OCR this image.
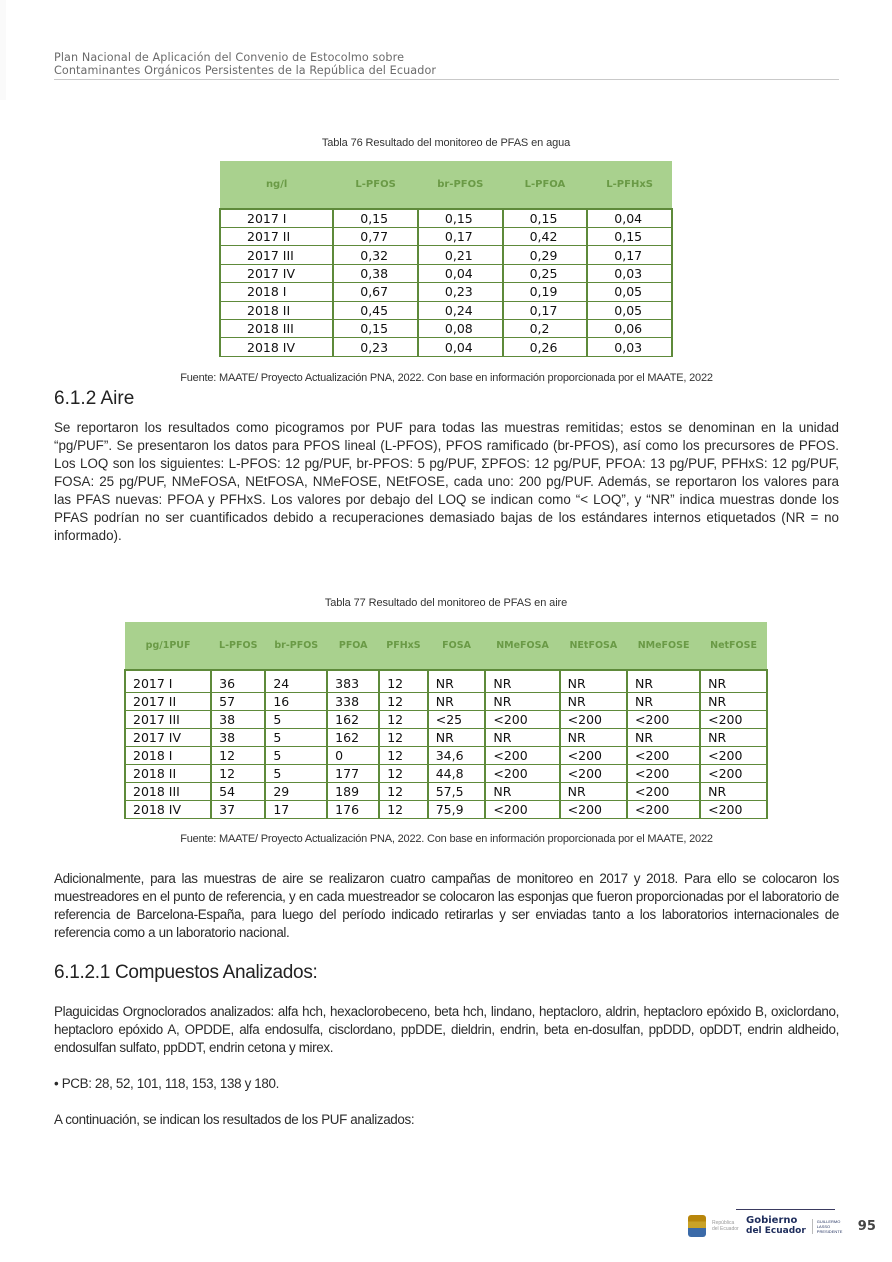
Plan Nacional de Aplicación del Convenio de Estocolmo sobre
Contaminantes Orgánicos Persistentes de la República del Ecuador
Tabla 76 Resultado del monitoreo de PFAS en agua
ng/l	L-PFOS	br-PFOS	L-PFOA	L-PFHxS
2017 I	0,15	0,15	0,15	0,04
2017 II	0,77	0,17	0,42	0,15
2017 III	0,32	0,21	0,29	0,17
2017 IV	0,38	0,04	0,25	0,03
2018 I	0,67	0,23	0,19	0,05
2018 II	0,45	0,24	0,17	0,05
2018 III	0,15	0,08	0,2	0,06
2018 IV	0,23	0,04	0,26	0,03
Fuente: MAATE/ Proyecto Actualización PNA, 2022. Con base en información proporcionada por el MAATE, 2022
6.1.2 Aire
Se reportaron los resultados como picogramos por PUF para todas las muestras remitidas; estos se denominan en la unidad “pg/PUF”. Se presentaron los datos para PFOS lineal (L-PFOS), PFOS ramificado (br-PFOS), así como los precursores de PFOS. Los LOQ son los siguientes: L-PFOS: 12 pg/PUF, br-PFOS: 5 pg/PUF, ΣPFOS: 12 pg/PUF, PFOA: 13 pg/PUF, PFHxS: 12 pg/PUF, FOSA: 25 pg/PUF, NMeFOSA, NEtFOSA, NMeFOSE, NEtFOSE, cada uno: 200 pg/PUF. Además, se reportaron los valores para las PFAS nuevas: PFOA y PFHxS. Los valores por debajo del LOQ se indican como “< LOQ”, y “NR” indica muestras donde los PFAS podrían no ser cuantificados debido a recuperaciones demasiado bajas de los estándares internos etiquetados (NR = no informado).
Tabla 77 Resultado del monitoreo de PFAS en aire
pg/1PUF	L-PFOS	br-PFOS	PFOA	PFHxS	FOSA	NMeFOSA	NEtFOSA	NMeFOSE	NetFOSE
2017 I	36	24	383	12	NR	NR	NR	NR	NR
2017 II	57	16	338	12	NR	NR	NR	NR	NR
2017 III	38	5	162	12	<25	<200	<200	<200	<200
2017 IV	38	5	162	12	NR	NR	NR	NR	NR
2018 I	12	5	0	12	34,6	<200	<200	<200	<200
2018 II	12	5	177	12	44,8	<200	<200	<200	<200
2018 III	54	29	189	12	57,5	NR	NR	<200	NR
2018 IV	37	17	176	12	75,9	<200	<200	<200	<200
Fuente: MAATE/ Proyecto Actualización PNA, 2022. Con base en información proporcionada por el MAATE, 2022
Adicionalmente, para las muestras de aire se realizaron cuatro campañas de monitoreo en 2017 y 2018. Para ello se colocaron los muestreadores en el punto de referencia, y en cada muestreador se colocaron las esponjas que fueron proporcionadas por el laboratorio de referencia de Barcelona-España, para luego del período indicado retirarlas y ser enviadas tanto a los laboratorios internacionales de referencia como a un laboratorio nacional.
6.1.2.1 Compuestos Analizados:
Plaguicidas Orgnoclorados analizados: alfa hch, hexaclorobeceno, beta hch, lindano, heptacloro, aldrin, heptacloro epóxido B, oxiclordano, heptacloro epóxido A, OPDDE, alfa endosulfa, cisclordano, ppDDE, dieldrin, endrin, beta en-dosulfan, ppDDD, opDDT, endrin aldheido, endosulfan sulfato, ppDDT, endrin cetona y mirex.
• PCB: 28, 52, 101, 118, 153, 138 y 180.
A continuación, se indican los resultados de los PUF analizados:
República del Ecuador
Gobierno
del Ecuador
GUILLERMO LASSO PRESIDENTE 95
